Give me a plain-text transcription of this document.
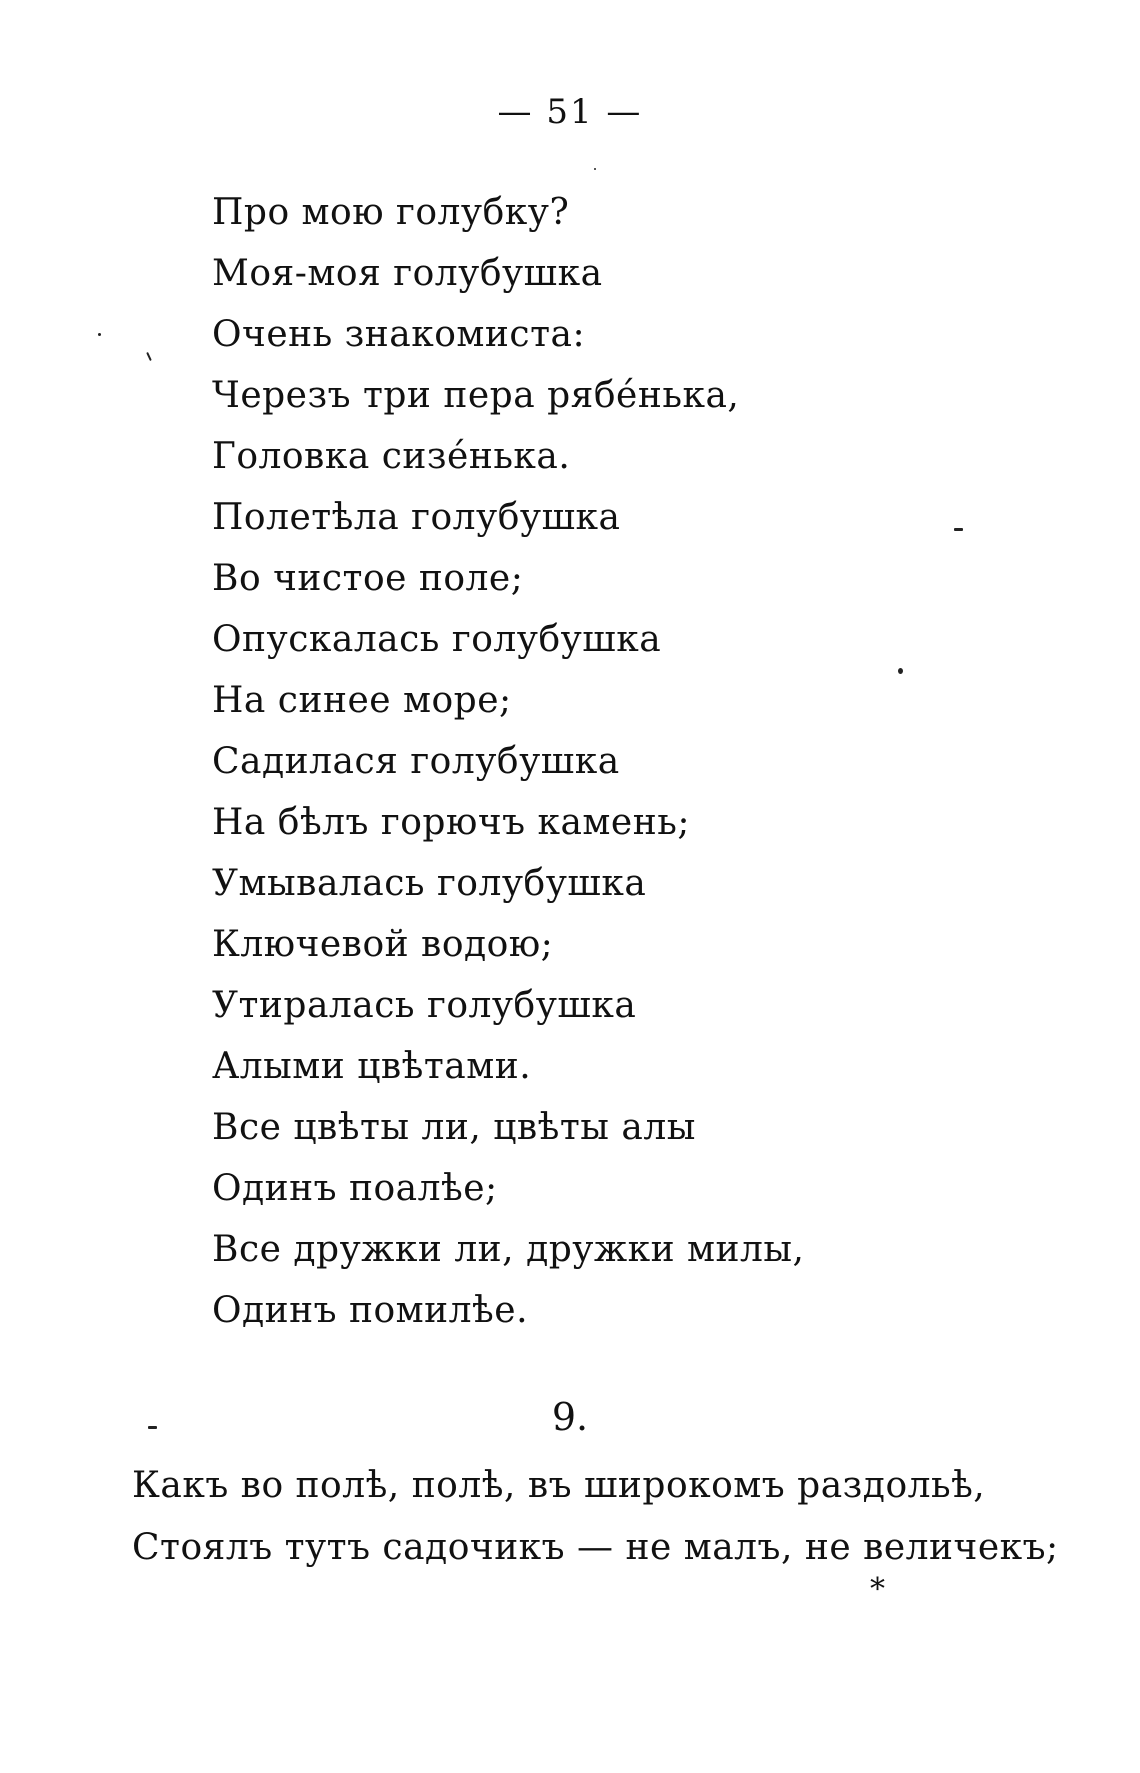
— 51 —
Про мою голубку?
Моя-моя голубушка
Очень знакомиста:
Черезъ три пера рябе́нька,
Головка сизе́нька.
Полетѣла голубушка
Во чистое поле;
Опускалась голубушка
На синее море;
Садилася голубушка
На бѣлъ горючъ камень;
Умывалась голубушка
Ключевой водою;
Утиралась голубушка
Алыми цвѣтами.
Все цвѣты ли, цвѣты алы
Одинъ поалѣе;
Все дружки ли, дружки милы,
Одинъ помилѣе.
9.
Какъ во полѣ, полѣ, въ широкомъ раздольѣ,
Стоялъ тутъ садочикъ — не малъ, не величекъ;
*
